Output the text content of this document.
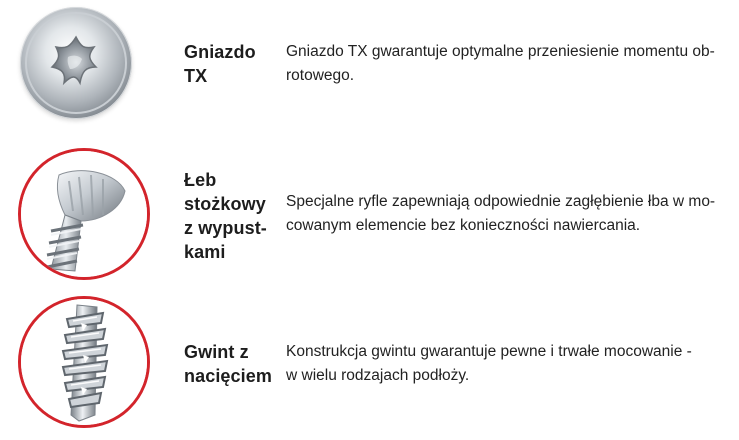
Gniazdo
TX
Gniazdo TX gwarantuje optymalne przeniesienie momentu ob-
rotowego.
Łeb
stożkowy
z wypust-
kami
Specjalne ryfle zapewniają odpowiednie zagłębienie łba w mo-
cowanym elemencie bez konieczności nawiercania.
Gwint z
nacięciem
Konstrukcja gwintu gwarantuje pewne i trwałe mocowanie -
w wielu rodzajach podłoży.
